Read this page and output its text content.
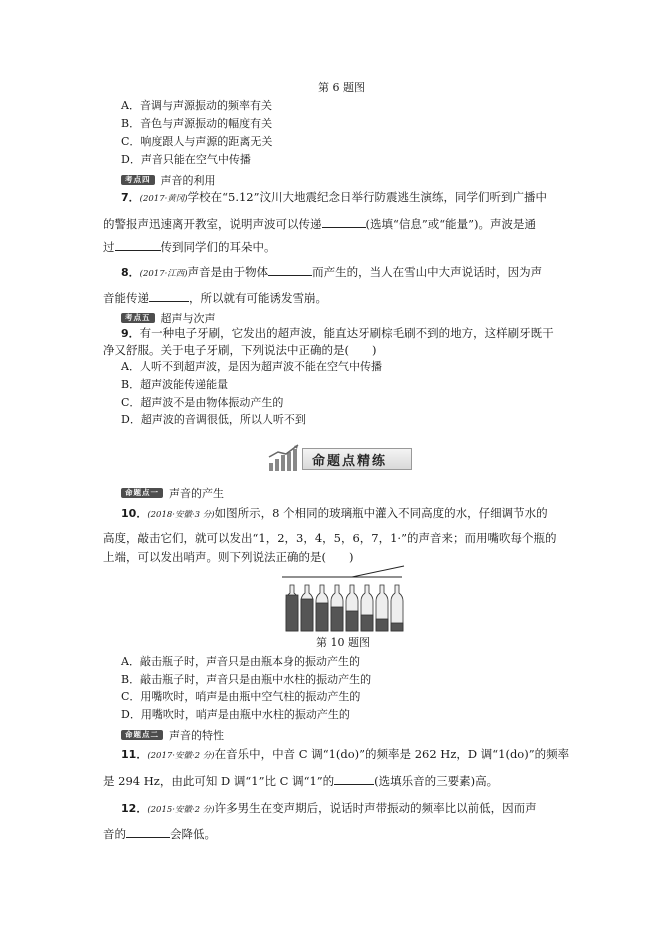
第 6 题图
A．音调与声源振动的频率有关
B．音色与声源振动的幅度有关
C．响度跟人与声源的距离无关
D．声音只能在空气中传播
考点四 声音的利用
7．(2017·黄冈)学校在“5.12”汶川大地震纪念日举行防震逃生演练，同学们听到广播中
的警报声迅速离开教室，说明声波可以传递	(选填“信息”或“能量”)。声波是通
过	传到同学们的耳朵中。
8．(2017·江西)声音是由于物体	而产生的，当人在雪山中大声说话时，因为声
音能传递	，所以就有可能诱发雪崩。
考点五 超声与次声
9．有一种电子牙刷，它发出的超声波，能直达牙刷棕毛刷不到的地方，这样刷牙既干
净又舒服。关于电子牙刷，下列说法中正确的是(　　)
A．人听不到超声波，是因为超声波不能在空气中传播
B．超声波能传递能量
C．超声波不是由物体振动产生的
D．超声波的音调很低，所以人听不到
命题点精练
命题点一 声音的产生
10．(2018·安徽·3 分)如图所示，8 个相同的玻璃瓶中灌入不同高度的水，仔细调节水的
高度，敲击它们，就可以发出“1，2，3，4，5，6，7，1·”的声音来；而用嘴吹每个瓶的
上端，可以发出哨声。则下列说法正确的是(　　)
第 10 题图
A．敲击瓶子时，声音只是由瓶本身的振动产生的
B．敲击瓶子时，声音只是由瓶中水柱的振动产生的
C．用嘴吹时，哨声是由瓶中空气柱的振动产生的
D．用嘴吹时，哨声是由瓶中水柱的振动产生的
命题点二 声音的特性
11．(2017·安徽·2 分)在音乐中，中音 C 调“1(do)”的频率是 262 Hz，D 调“1(do)”的频率
是 294 Hz，由此可知 D 调“1”比 C 调“1”的	(选填乐音的三要素)高。
12．(2015·安徽·2 分)许多男生在变声期后，说话时声带振动的频率比以前低，因而声
音的	会降低。
